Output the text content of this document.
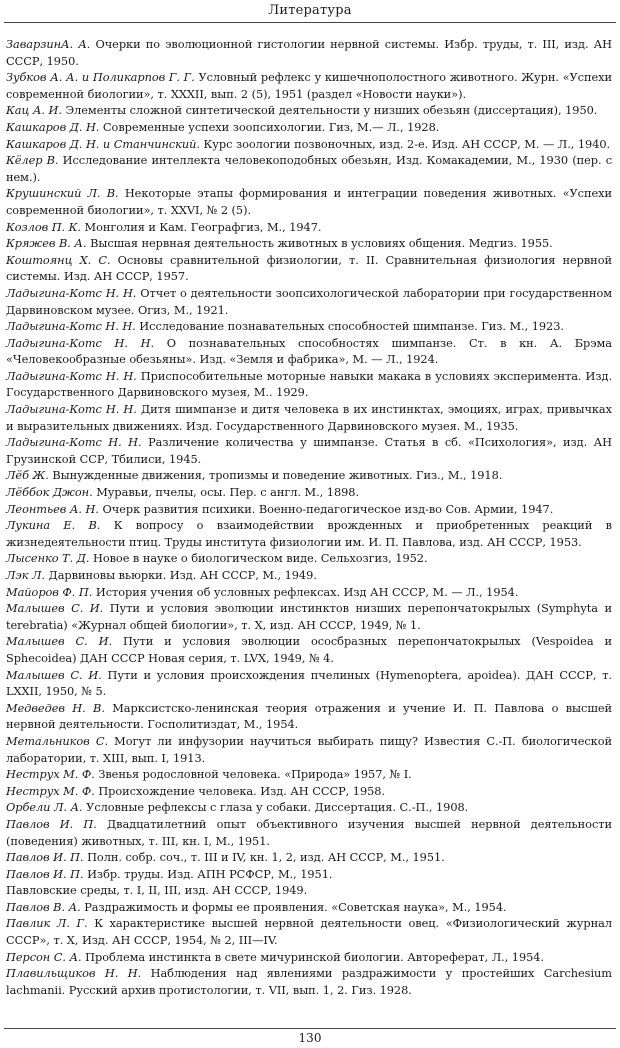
Литература
ЗаварзинА. А. Очерки по эволюционной гистологии нервной системы. Избр. труды, т. III, изд. АН СССР, 1950.
Зубков А. А. и Поликарпов Г. Г. Условный рефлекс у кишечнополостного животного. Журн. «Успехи современной биологии», т. XXXII, вып. 2 (5), 1951 (раздел «Новости науки»).
Кац А. И. Элементы сложной синтетической деятельности у низших обезьян (диссертация), 1950.
Кашкаров Д. Н. Современные успехи зоопсихологии. Гиз, М.— Л., 1928.
Кашкаров Д. Н. и Станчинский. Курс зоологии позвоночных, изд. 2-е. Изд. АН СССР, М. — Л., 1940.
Кёлер В. Исследование интеллекта человекоподобных обезьян, Изд. Комакадемии, М., 1930 (пер. с нем.).
Крушинский Л. В. Некоторые этапы формирования и интеграции поведения животных. «Успехи современной биологии», т. XXVI, № 2 (5).
Козлов П. К. Монголия и Кам. Географгиз, М., 1947.
Кряжев В. А. Высшая нервная деятельность животных в условиях общения. Медгиз. 1955.
Коштоянц Х. С. Основы сравнительной физиологии, т. II. Сравнительная физиология нервной системы. Изд. АН СССР, 1957.
Ладыгина-Котс Н. Н. Отчет о деятельности зоопсихологической лаборатории при государственном Дарвиновском музее. Огиз, М., 1921.
Ладыгина-Котс Н. Н. Исследование познавательных способностей шимпанзе. Гиз. М., 1923.
Ладыгина-Котс Н. Н. О познавательных способностях шимпанзе. Ст. в кн. А. Брэма «Человекообразные обезьяны». Изд. «Земля и фабрика», М. — Л., 1924.
Ладыгина-Котс Н. Н. Приспособительные моторные навыки макака в условиях эксперимента. Изд. Государственного Дарвиновского музея, М.. 1929.
Ладыгина-Котс Н. Н. Дитя шимпанзе и дитя человека в их инстинктах, эмоциях, играх, привычках и выразительных движениях. Изд. Государственного Дарвиновского музея. М., 1935.
Ладыгина-Котс Н. Н. Различение количества у шимпанзе. Статья в сб. «Психология», изд. АН Грузинской ССР, Тбилиси, 1945.
Лёб Ж. Вынужденные движения, тропизмы и поведение животных. Гиз., М., 1918.
Лёббок Джон. Муравьи, пчелы, осы. Пер. с англ. М., 1898.
Леонтьев А. Н. Очерк развития психики. Военно-педагогическое изд-во Сов. Армии, 1947.
Лукина Е. В. К вопросу о взаимодействии врожденных и приобретенных реакций в жизнедеятельности птиц. Труды института физиологии им. И. П. Павлова, изд. АН СССР, 1953.
Лысенко Т. Д. Новое в науке о биологическом виде. Сельхозгиз, 1952.
Лэк Л. Дарвиновы вьюрки. Изд. АН СССР, М., 1949.
Майоров Ф. П. История учения об условных рефлексах. Изд АН СССР, М. — Л., 1954.
Малышев С. И. Пути и условия эволюции инстинктов низших перепончатокрылых (Symphyta и terebratia) «Журнал общей биологии», т. X, изд. АН СССР, 1949, № 1.
Малышев С. И. Пути и условия эволюции ососбразных перепончатокрылых (Vespoidea и Sphecoidea) ДАН СССР Новая серия, т. LVX, 1949, № 4.
Малышев С. И. Пути и условия происхождения пчелиных (Hymenoptera, apoidea). ДАН СССР, т. LXXII, 1950, № 5.
Медведев Н. В. Марксистско-ленинская теория отражения и учение И. П. Павлова о высшей нервной деятельности. Госполитиздат, М., 1954.
Метальников С. Могут ли инфузории научиться выбирать пищу? Известия С.-П. биологической лаборатории, т. XIII, вып. I, 1913.
Неструх М. Ф. Звенья родословной человека. «Природа» 1957, № I.
Неструх М. Ф. Происхождение человека. Изд. АН СССР, 1958.
Орбели Л. А. Условные рефлексы с глаза у собаки. Диссертация. С.-П., 1908.
Павлов И. П. Двадцатилетний опыт объективного изучения высшей нервной деятельности (поведения) животных, т. III, кн. I, М., 1951.
Павлов И. П. Полн. собр. соч., т. III и IV, кн. 1, 2, изд. АН СССР, М., 1951.
Павлов И. П. Избр. труды. Изд. АПН РСФСР, М., 1951.
Павловские среды, т. I, II, III, изд. АН СССР, 1949.
Павлов В. А. Раздражимость и формы ее проявления. «Советская наука», М., 1954.
Павлик Л. Г. К характеристике высшей нервной деятельности овец. «Физиологический журнал СССР», т. X, Изд. АН СССР, 1954, № 2, III—IV.
Персон С. А. Проблема инстинкта в свете мичуринской биологии. Автореферат, Л., 1954.
Плавильщиков Н. Н. Наблюдения над явлениями раздражимости у простейших Carchesium lachmanii. Русский архив протистологии, т. VII, вып. 1, 2. Гиз. 1928.
130
